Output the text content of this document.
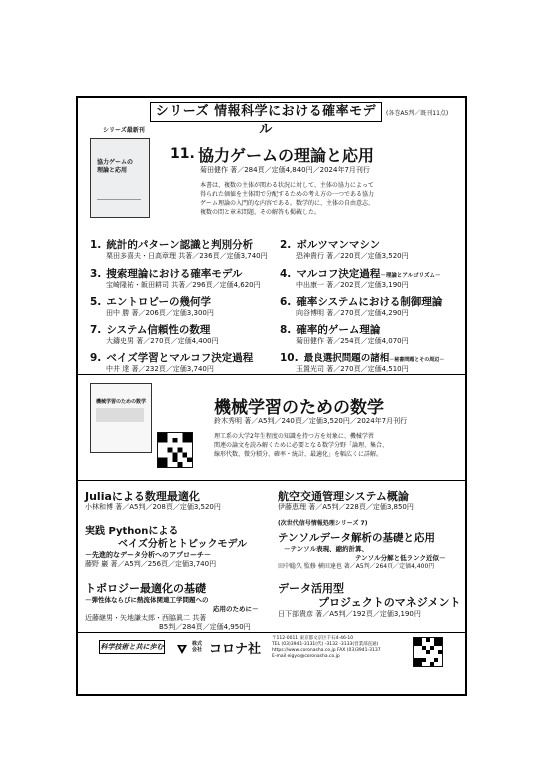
シリーズ 情報科学における確率モデル
(各巻A5判／既刊11点)
シリーズ最新刊
協力ゲームの
理論と応用
11. 協力ゲームの理論と応用
菊田健作 著／284頁／定価4,840円／2024年7月刊行
本書は、複数の主体が関わる状況に対して、主体の協力によって
得られた価値を主体間で分配するための考え方の一つである協力
ゲーム理論の入門的な内容である。数学的に、主体の自由意志、
複数の問と章末問題、その解答も掲載した。
1. 統計的パターン認識と判別分析
栗田多喜夫・日高章理 共著／236頁／定価3,740円
3. 捜索理論における確率モデル
宝崎隆祐・飯田耕司 共著／296頁／定価4,620円
5. エントロピーの幾何学
田中 勝 著／206頁／定価3,300円
7. システム信頼性の数理
大鑄史男 著／270頁／定価4,400円
9. ベイズ学習とマルコフ決定過程
中井 達 著／232頁／定価3,740円
2. ボルツマンマシン
恐神貴行 著／220頁／定価3,520円
4. マルコフ決定過程－理論とアルゴリズム－
中出康一 著／202頁／定価3,190円
6. 確率システムにおける制御理論
向谷博明 著／270頁／定価4,290円
8. 確率的ゲーム理論
菊田健作 著／254頁／定価4,070円
10. 最良選択問題の諸相－秘書問題とその周辺－
玉置光司 著／270頁／定価4,510円
機械学習のための数学	機械学習のための数学
鈴木秀明 著／A5判／240頁／定価3,520円／2024年7月刊行
理工系の大学2年生程度の知識を持つ方を対象に、機械学習
関連の論文を読み解くために必要となる数学分野「論理、集合、
線形代数、微分積分、確率・統計、最適化」を幅広くに詳解。
Juliaによる数理最適化
小林和博 著／A5判／208頁／定価3,520円
実践 Pythonによる
ベイズ分析とトピックモデル
－先進的なデータ分析へのアプローチ－
藤野 巖 著／A5判／256頁／定価3,740円
トポロジー最適化の基礎
－弾性体ならびに熱流体関連工学問題への
応用のために－
近藤継男・矢地謙太郎・西脇眞二 共著
B5判／284頁／定価4,950円
航空交通管理システム概論
伊藤恵理 著／A5判／228頁／定価3,850円
(次世代信号情報処理シリーズ 7)
テンソルデータ解析の基礎と応用
－テンソル表現、縮約計算、
テンソル分解と低ランク近似－
田中聡久 監修 横田達也 著／A5判／264頁／定価4,400円
データ活用型
プロジェクトのマネジメント
日下部貴彦 著／A5判／192頁／定価3,190円
科学技術と共に歩む	株式会社 コロナ社
〒112-0011 東京都文京区千石4-46-10
TEL (03)3941-3131(代) -3132 -3133(営業部直通)
https://www.coronasha.co.jp FAX (03)3941-3137
E-mail eigyo@coronasha.co.jp
